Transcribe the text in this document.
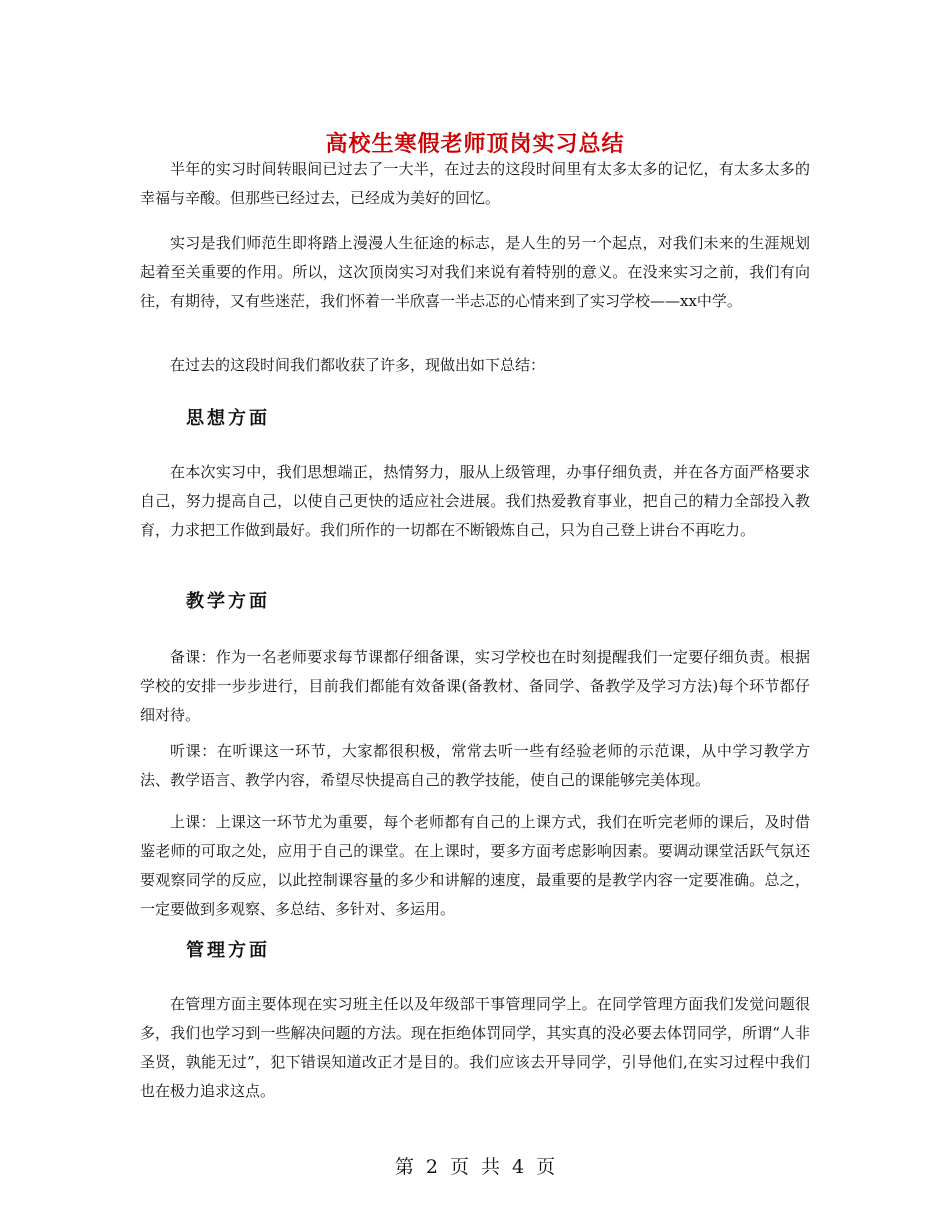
高校生寒假老师顶岗实习总结

半年的实习时间转眼间已过去了一大半，在过去的这段时间里有太多太多的记忆，有太多太多的幸福与辛酸。但那些已经过去，已经成为美好的回忆。

实习是我们师范生即将踏上漫漫人生征途的标志，是人生的另一个起点，对我们未来的生涯规划起着至关重要的作用。所以，这次顶岗实习对我们来说有着特别的意义。在没来实习之前，我们有向往，有期待，又有些迷茫，我们怀着一半欣喜一半忐忑的心情来到了实习学校——xx中学。

在过去的这段时间我们都收获了许多，现做出如下总结：

思想方面

在本次实习中，我们思想端正，热情努力，服从上级管理，办事仔细负责，并在各方面严格要求自己，努力提高自己，以使自己更快的适应社会进展。我们热爱教育事业，把自己的精力全部投入教育，力求把工作做到最好。我们所作的一切都在不断锻炼自己，只为自己登上讲台不再吃力。

教学方面

备课：作为一名老师要求每节课都仔细备课，实习学校也在时刻提醒我们一定要仔细负责。根据学校的安排一步步进行，目前我们都能有效备课(备教材、备同学、备教学及学习方法)每个环节都仔细对待。

听课：在听课这一环节，大家都很积极，常常去听一些有经验老师的示范课，从中学习教学方法、教学语言、教学内容，希望尽快提高自己的教学技能，使自己的课能够完美体现。

上课：上课这一环节尤为重要，每个老师都有自己的上课方式，我们在听完老师的课后，及时借鉴老师的可取之处，应用于自己的课堂。在上课时，要多方面考虑影响因素。要调动课堂活跃气氛还要观察同学的反应，以此控制课容量的多少和讲解的速度，最重要的是教学内容一定要准确。总之，一定要做到多观察、多总结、多针对、多运用。

管理方面

在管理方面主要体现在实习班主任以及年级部干事管理同学上。在同学管理方面我们发觉问题很多，我们也学习到一些解决问题的方法。现在拒绝体罚同学，其实真的没必要去体罚同学，所谓“人非圣贤，孰能无过”，犯下错误知道改正才是目的。我们应该去开导同学，引导他们,在实习过程中我们也在极力追求这点。

第 2 页 共 4 页
